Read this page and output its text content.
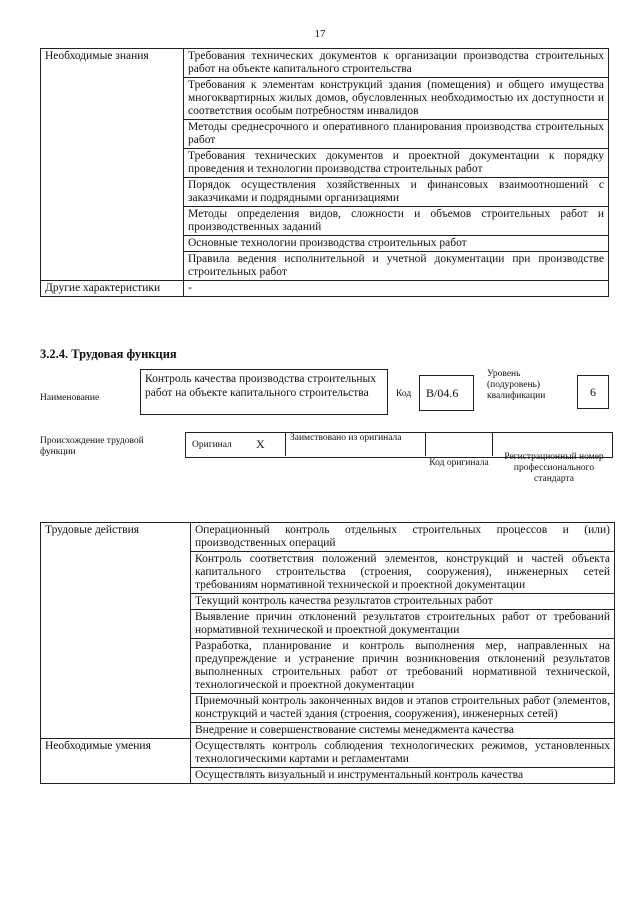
17
Необходимые знания	Требования технических документов к организации производства строительных работ на объекте капитального строительства
	Требования к элементам конструкций здания (помещения) и общего имущества многоквартирных жилых домов, обусловленных необходимостью их доступности и соответствия особым потребностям инвалидов
	Методы среднесрочного и оперативного планирования производства строительных работ
	Требования технических документов и проектной документации к порядку проведения и технологии производства строительных работ
	Порядок осуществления хозяйственных и финансовых взаимоотношений с заказчиками и подрядными организациями
	Методы определения видов, сложности и объемов строительных работ и производственных заданий
	Основные технологии производства строительных работ
	Правила ведения исполнительной и учетной документации при производстве строительных работ
Другие характеристики	-
3.2.4. Трудовая функция
Наименование
Контроль качества производства строительных работ на объекте капитального строительства	Код	В/04.6
Уровень (подуровень) квалификации	6
Происхождение трудовой функции
Оригинал X	Заимствовано из оригинала
Код оригинала
Регистрационный номер профессионального стандарта
Трудовые действия	Операционный контроль отдельных строительных процессов и (или) производственных операций
	Контроль соответствия положений элементов, конструкций и частей объекта капитального строительства (строения, сооружения), инженерных сетей требованиям нормативной технической и проектной документации
	Текущий контроль качества результатов строительных работ
	Выявление причин отклонений результатов строительных работ от требований нормативной технической и проектной документации
	Разработка, планирование и контроль выполнения мер, направленных на предупреждение и устранение причин возникновения отклонений результатов выполненных строительных работ от требований нормативной технической, технологической и проектной документации
	Приемочный контроль законченных видов и этапов строительных работ (элементов, конструкций и частей здания (строения, сооружения), инженерных сетей)
	Внедрение и совершенствование системы менеджмента качества
Необходимые умения	Осуществлять контроль соблюдения технологических режимов, установленных технологическими картами и регламентами
	Осуществлять визуальный и инструментальный контроль качества
